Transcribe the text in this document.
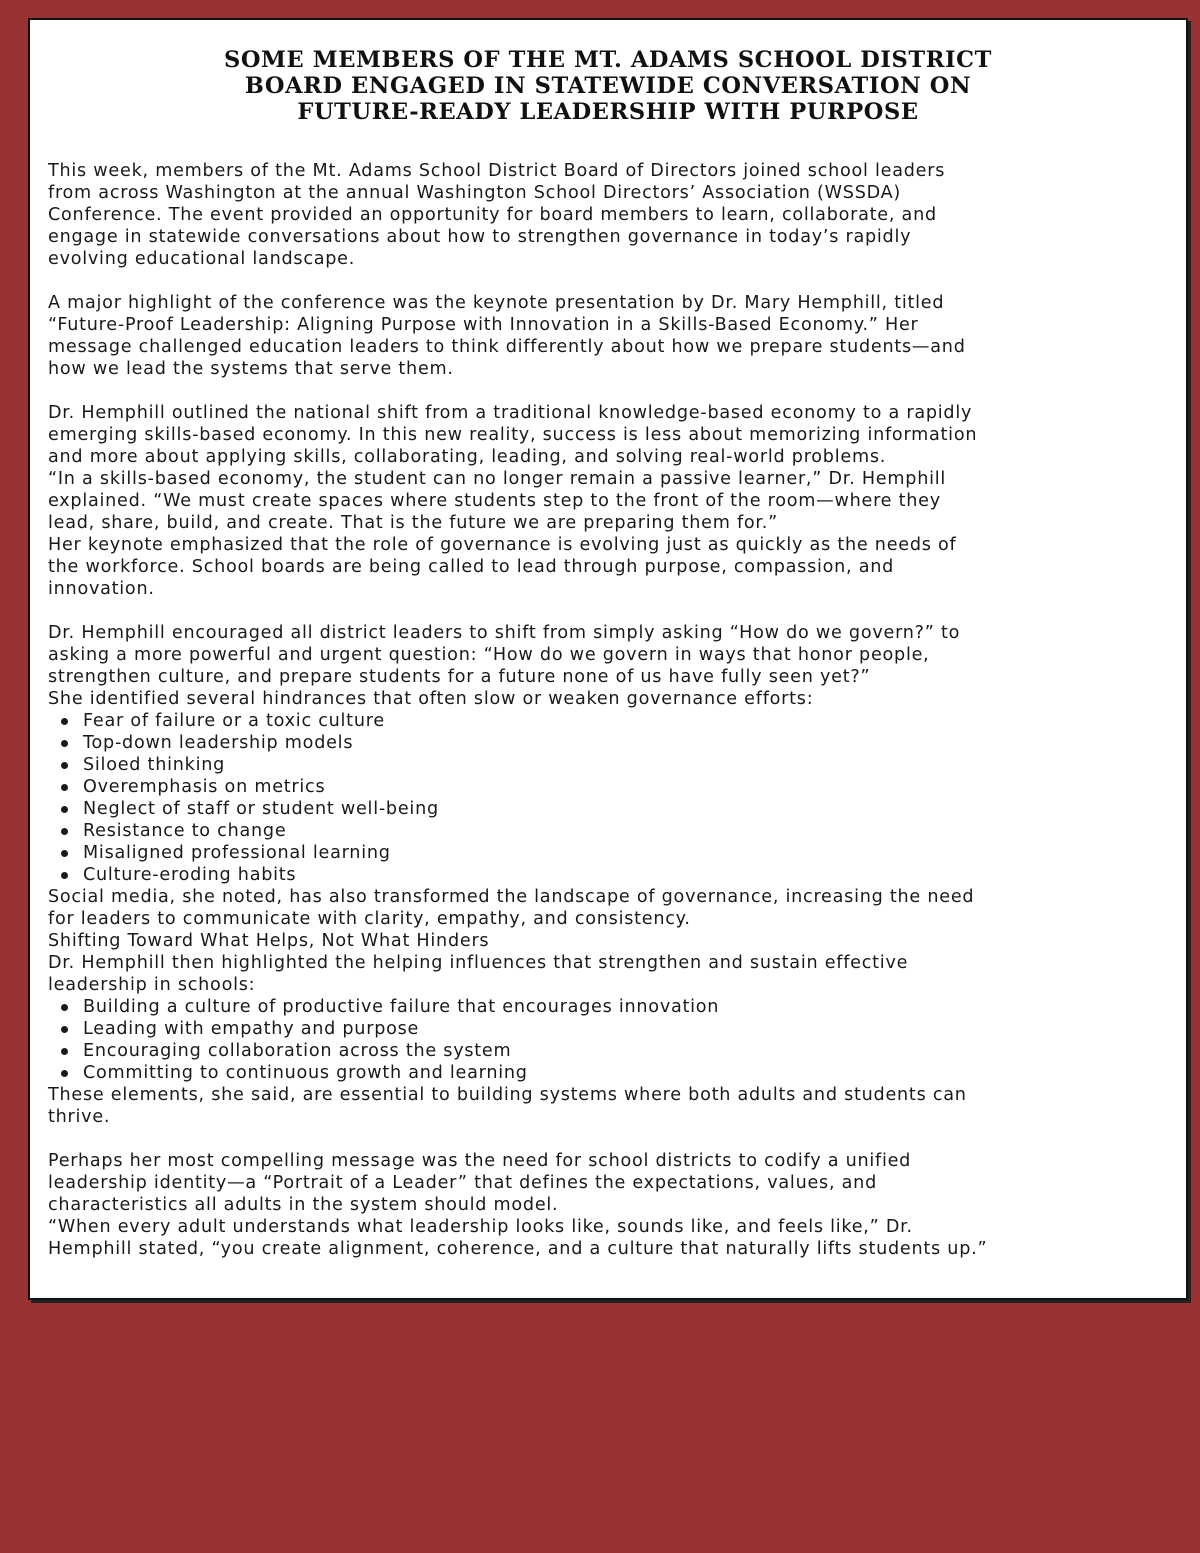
SOME MEMBERS OF THE MT. ADAMS SCHOOL DISTRICT
BOARD ENGAGED IN STATEWIDE CONVERSATION ON
FUTURE-READY LEADERSHIP WITH PURPOSE
This week, members of the Mt. Adams School District Board of Directors joined school leaders
from across Washington at the annual Washington School Directors’ Association (WSSDA)
Conference. The event provided an opportunity for board members to learn, collaborate, and
engage in statewide conversations about how to strengthen governance in today’s rapidly
evolving educational landscape.
A major highlight of the conference was the keynote presentation by Dr. Mary Hemphill, titled
“Future-Proof Leadership: Aligning Purpose with Innovation in a Skills-Based Economy.” Her
message challenged education leaders to think differently about how we prepare students—and
how we lead the systems that serve them.
Dr. Hemphill outlined the national shift from a traditional knowledge-based economy to a rapidly
emerging skills-based economy. In this new reality, success is less about memorizing information
and more about applying skills, collaborating, leading, and solving real-world problems.
“In a skills-based economy, the student can no longer remain a passive learner,” Dr. Hemphill
explained. “We must create spaces where students step to the front of the room—where they
lead, share, build, and create. That is the future we are preparing them for.”
Her keynote emphasized that the role of governance is evolving just as quickly as the needs of
the workforce. School boards are being called to lead through purpose, compassion, and
innovation.
Dr. Hemphill encouraged all district leaders to shift from simply asking “How do we govern?” to
asking a more powerful and urgent question: “How do we govern in ways that honor people,
strengthen culture, and prepare students for a future none of us have fully seen yet?”
She identified several hindrances that often slow or weaken governance efforts:
Fear of failure or a toxic culture
Top-down leadership models
Siloed thinking
Overemphasis on metrics
Neglect of staff or student well-being
Resistance to change
Misaligned professional learning
Culture-eroding habits
Social media, she noted, has also transformed the landscape of governance, increasing the need
for leaders to communicate with clarity, empathy, and consistency.
Shifting Toward What Helps, Not What Hinders
Dr. Hemphill then highlighted the helping influences that strengthen and sustain effective
leadership in schools:
Building a culture of productive failure that encourages innovation
Leading with empathy and purpose
Encouraging collaboration across the system
Committing to continuous growth and learning
These elements, she said, are essential to building systems where both adults and students can
thrive.
Perhaps her most compelling message was the need for school districts to codify a unified
leadership identity—a “Portrait of a Leader” that defines the expectations, values, and
characteristics all adults in the system should model.
“When every adult understands what leadership looks like, sounds like, and feels like,” Dr.
Hemphill stated, “you create alignment, coherence, and a culture that naturally lifts students up.”
